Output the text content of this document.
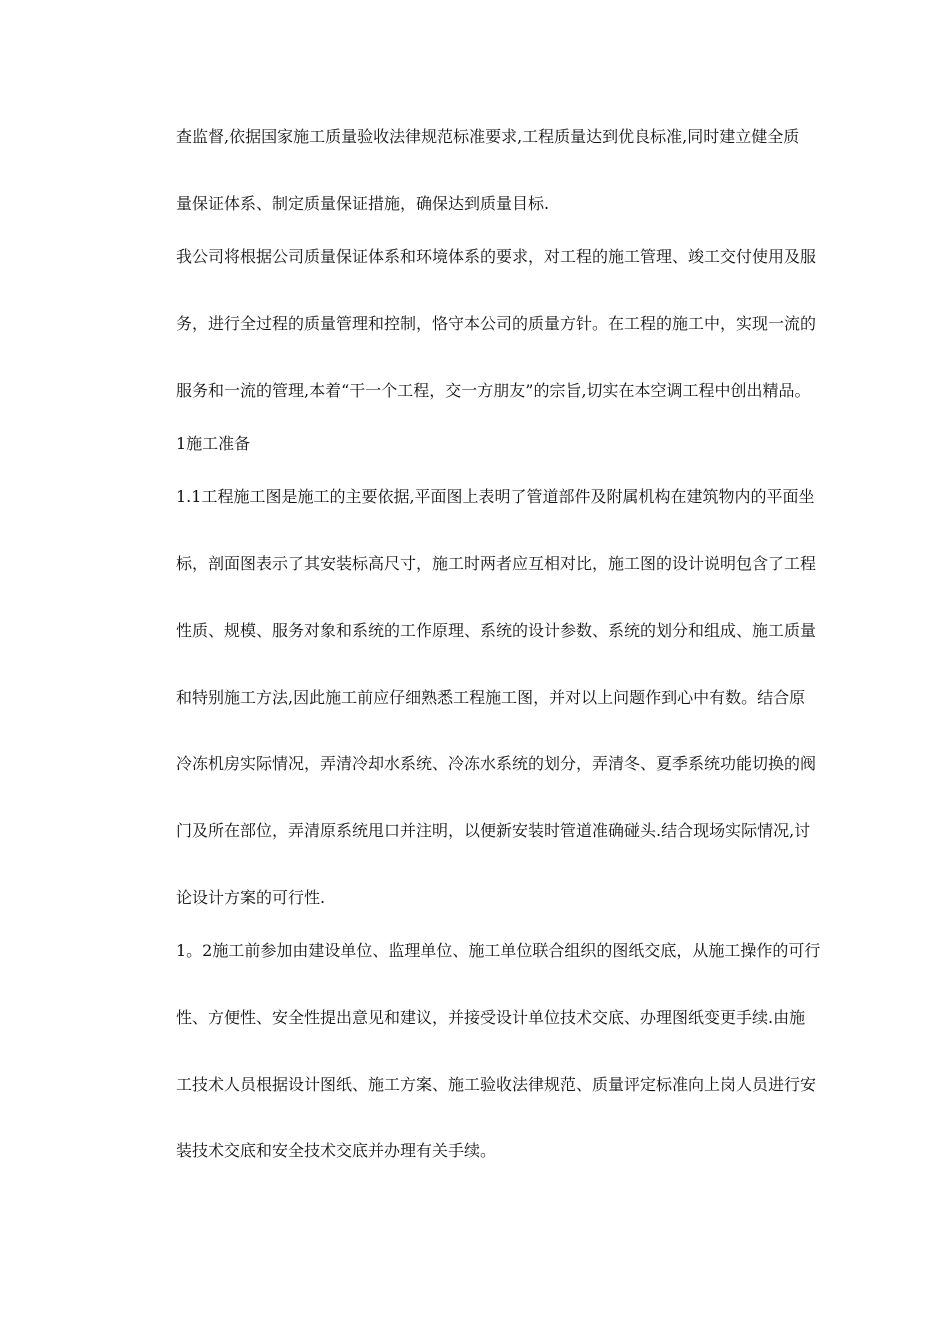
查监督,依据国家施工质量验收法律规范标准要求,工程质量达到优良标准,同时建立健全质
量保证体系、制定质量保证措施，确保达到质量目标.
我公司将根据公司质量保证体系和环境体系的要求，对工程的施工管理、竣工交付使用及服
务，进行全过程的质量管理和控制，恪守本公司的质量方针。在工程的施工中，实现一流的
服务和一流的管理,本着“干一个工程，交一方朋友”的宗旨,切实在本空调工程中创出精品。
1施工准备
1.1工程施工图是施工的主要依据,平面图上表明了管道部件及附属机构在建筑物内的平面坐
标，剖面图表示了其安装标高尺寸，施工时两者应互相对比，施工图的设计说明包含了工程
性质、规模、服务对象和系统的工作原理、系统的设计参数、系统的划分和组成、施工质量
和特别施工方法,因此施工前应仔细熟悉工程施工图，并对以上问题作到心中有数。结合原
冷冻机房实际情况，弄清冷却水系统、冷冻水系统的划分，弄清冬、夏季系统功能切换的阀
门及所在部位，弄清原系统甩口并注明，以便新安装时管道准确碰头.结合现场实际情况,讨
论设计方案的可行性.
1。2施工前参加由建设单位、监理单位、施工单位联合组织的图纸交底，从施工操作的可行
性、方便性、安全性提出意见和建议，并接受设计单位技术交底、办理图纸变更手续.由施
工技术人员根据设计图纸、施工方案、施工验收法律规范、质量评定标准向上岗人员进行安
装技术交底和安全技术交底并办理有关手续。
